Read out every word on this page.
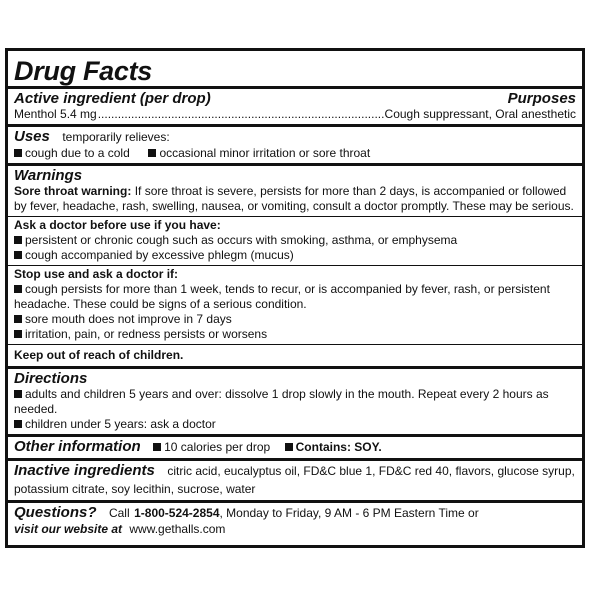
Drug Facts
Active ingredient (per drop)	Purposes
Menthol 5.4 mg
.....	Cough suppressant, Oral anesthetic
Uses temporarily relieves:
cough due to a cold occasional minor irritation or sore throat
Warnings
Sore throat warning: If sore throat is severe, persists for more than 2 days, is accompanied or followed by fever, headache, rash, swelling, nausea, or vomiting, consult a doctor promptly. These may be serious.
Ask a doctor before use if you have:
persistent or chronic cough such as occurs with smoking, asthma, or emphysema
cough accompanied by excessive phlegm (mucus)
Stop use and ask a doctor if:
cough persists for more than 1 week, tends to recur, or is accompanied by fever, rash, or persistent headache. These could be signs of a serious condition.
sore mouth does not improve in 7 days
irritation, pain, or redness persists or worsens
Keep out of reach of children.
Directions
adults and children 5 years and over: dissolve 1 drop slowly in the mouth. Repeat every 2 hours as needed.
children under 5 years: ask a doctor
Other information 10 calories per drop Contains: SOY.
Inactive ingredients citric acid, eucalyptus oil, FD&C blue 1, FD&C red 40, flavors, glucose syrup, potassium citrate, soy lecithin, sucrose, water
Questions? Call 1-800-524-2854, Monday to Friday, 9 AM - 6 PM Eastern Time or
visit our website at www.gethalls.com
